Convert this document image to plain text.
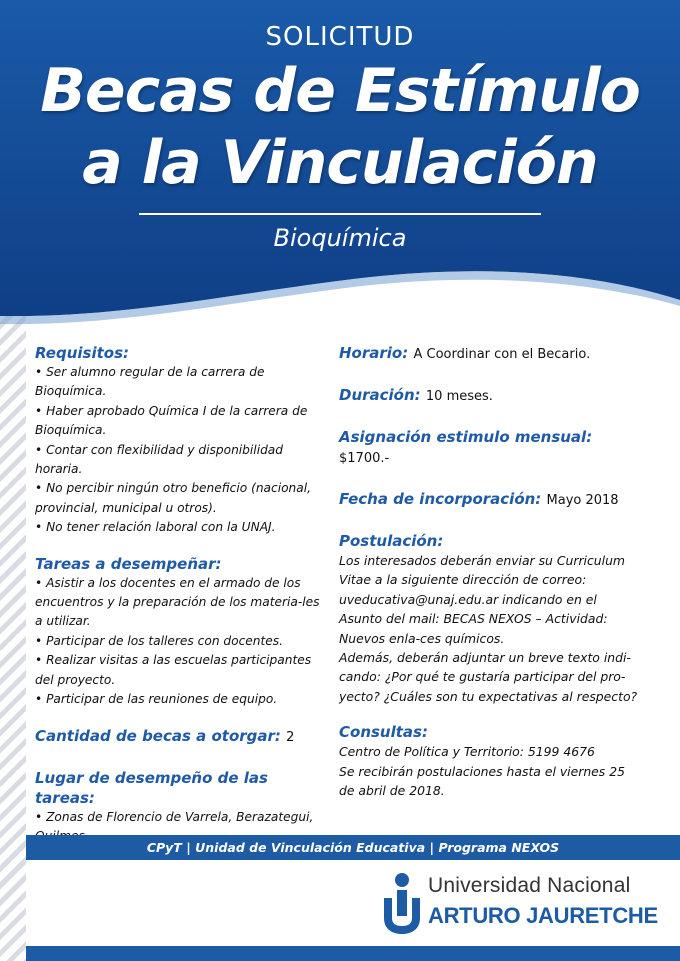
SOLICITUD
Becas de Estímulo
a la Vinculación
Bioquímica
Requisitos:
• Ser alumno regular de la carrera de Bioquímica.
• Haber aprobado Química I de la carrera de Bioquímica.
• Contar con flexibilidad y disponibilidad horaria.
• No percibir ningún otro beneficio (nacional, provincial, municipal u otros).
• No tener relación laboral con la UNAJ.
Tareas a desempeñar:
• Asistir a los docentes en el armado de los encuentros y la preparación de los materia-les a utilizar.
• Participar de los talleres con docentes.
• Realizar visitas a las escuelas participantes del proyecto.
• Participar de las reuniones de equipo.
Cantidad de becas a otorgar: 2
Lugar de desempeño de las tareas:
• Zonas de Florencio de Varrela, Berazategui,
Horario: A Coordinar con el Becario.
Duración: 10 meses.
Asignación estimulo mensual: $1700.-
Fecha de incorporación: Mayo 2018
Postulación:
Los interesados deberán enviar su Curriculum Vitae a la siguiente dirección de correo: uveducativa@unaj.edu.ar indicando en el Asunto del mail: BECAS NEXOS – Actividad: Nuevos enla-ces químicos.
Además, deberán adjuntar un breve texto indi-cando: ¿Por qué te gustaría participar del pro-yecto? ¿Cuáles son tu expectativas al respecto?
Consultas:
Centro de Política y Territorio: 5199 4676
Se recibirán postulaciones hasta el viernes 25 de abril de 2018.
CPyT | Unidad de Vinculación Educativa | Programa NEXOS
Universidad Nacional
ARTURO JAURETCHE
